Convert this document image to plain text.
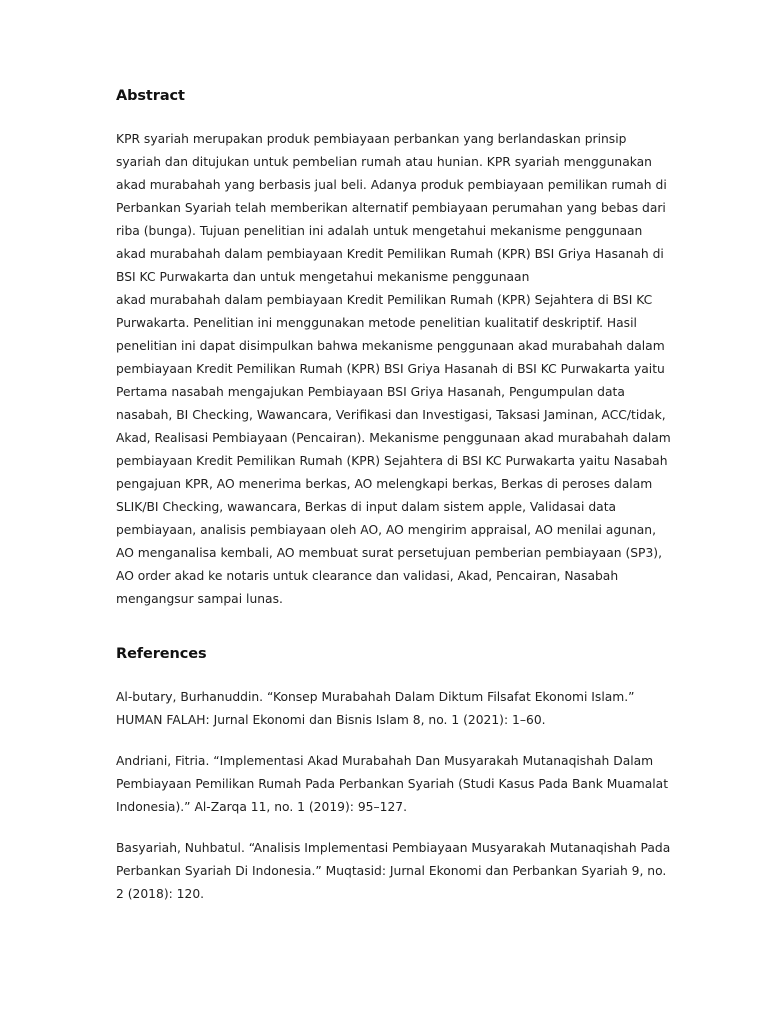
Abstract

KPR syariah merupakan produk pembiayaan perbankan yang berlandaskan prinsip
syariah dan ditujukan untuk pembelian rumah atau hunian. KPR syariah menggunakan
akad murabahah yang berbasis jual beli. Adanya produk pembiayaan pemilikan rumah di
Perbankan Syariah telah memberikan alternatif pembiayaan perumahan yang bebas dari
riba (bunga). Tujuan penelitian ini adalah untuk mengetahui mekanisme penggunaan
akad murabahah dalam pembiayaan Kredit Pemilikan Rumah (KPR) BSI Griya Hasanah di
BSI KC Purwakarta dan untuk mengetahui mekanisme penggunaan
akad murabahah dalam pembiayaan Kredit Pemilikan Rumah (KPR) Sejahtera di BSI KC
Purwakarta. Penelitian ini menggunakan metode penelitian kualitatif deskriptif. Hasil
penelitian ini dapat disimpulkan bahwa mekanisme penggunaan akad murabahah dalam
pembiayaan Kredit Pemilikan Rumah (KPR) BSI Griya Hasanah di BSI KC Purwakarta yaitu
Pertama nasabah mengajukan Pembiayaan BSI Griya Hasanah, Pengumpulan data
nasabah, BI Checking, Wawancara, Verifikasi dan Investigasi, Taksasi Jaminan, ACC/tidak,
Akad, Realisasi Pembiayaan (Pencairan). Mekanisme penggunaan akad murabahah dalam
pembiayaan Kredit Pemilikan Rumah (KPR) Sejahtera di BSI KC Purwakarta yaitu Nasabah
pengajuan KPR, AO menerima berkas, AO melengkapi berkas, Berkas di peroses dalam
SLIK/BI Checking, wawancara, Berkas di input dalam sistem apple, Validasai data
pembiayaan, analisis pembiayaan oleh AO, AO mengirim appraisal, AO menilai agunan,
AO menganalisa kembali, AO membuat surat persetujuan pemberian pembiayaan (SP3),
AO order akad ke notaris untuk clearance dan validasi, Akad, Pencairan, Nasabah
mengangsur sampai lunas.

References
Al-butary, Burhanuddin. “Konsep Murabahah Dalam Diktum Filsafat Ekonomi Islam.”
HUMAN FALAH: Jurnal Ekonomi dan Bisnis Islam 8, no. 1 (2021): 1–60.
Andriani, Fitria. “Implementasi Akad Murabahah Dan Musyarakah Mutanaqishah Dalam
Pembiayaan Pemilikan Rumah Pada Perbankan Syariah (Studi Kasus Pada Bank Muamalat
Indonesia).” Al-Zarqa 11, no. 1 (2019): 95–127.
Basyariah, Nuhbatul. “Analisis Implementasi Pembiayaan Musyarakah Mutanaqishah Pada
Perbankan Syariah Di Indonesia.” Muqtasid: Jurnal Ekonomi dan Perbankan Syariah 9, no.
2 (2018): 120.
